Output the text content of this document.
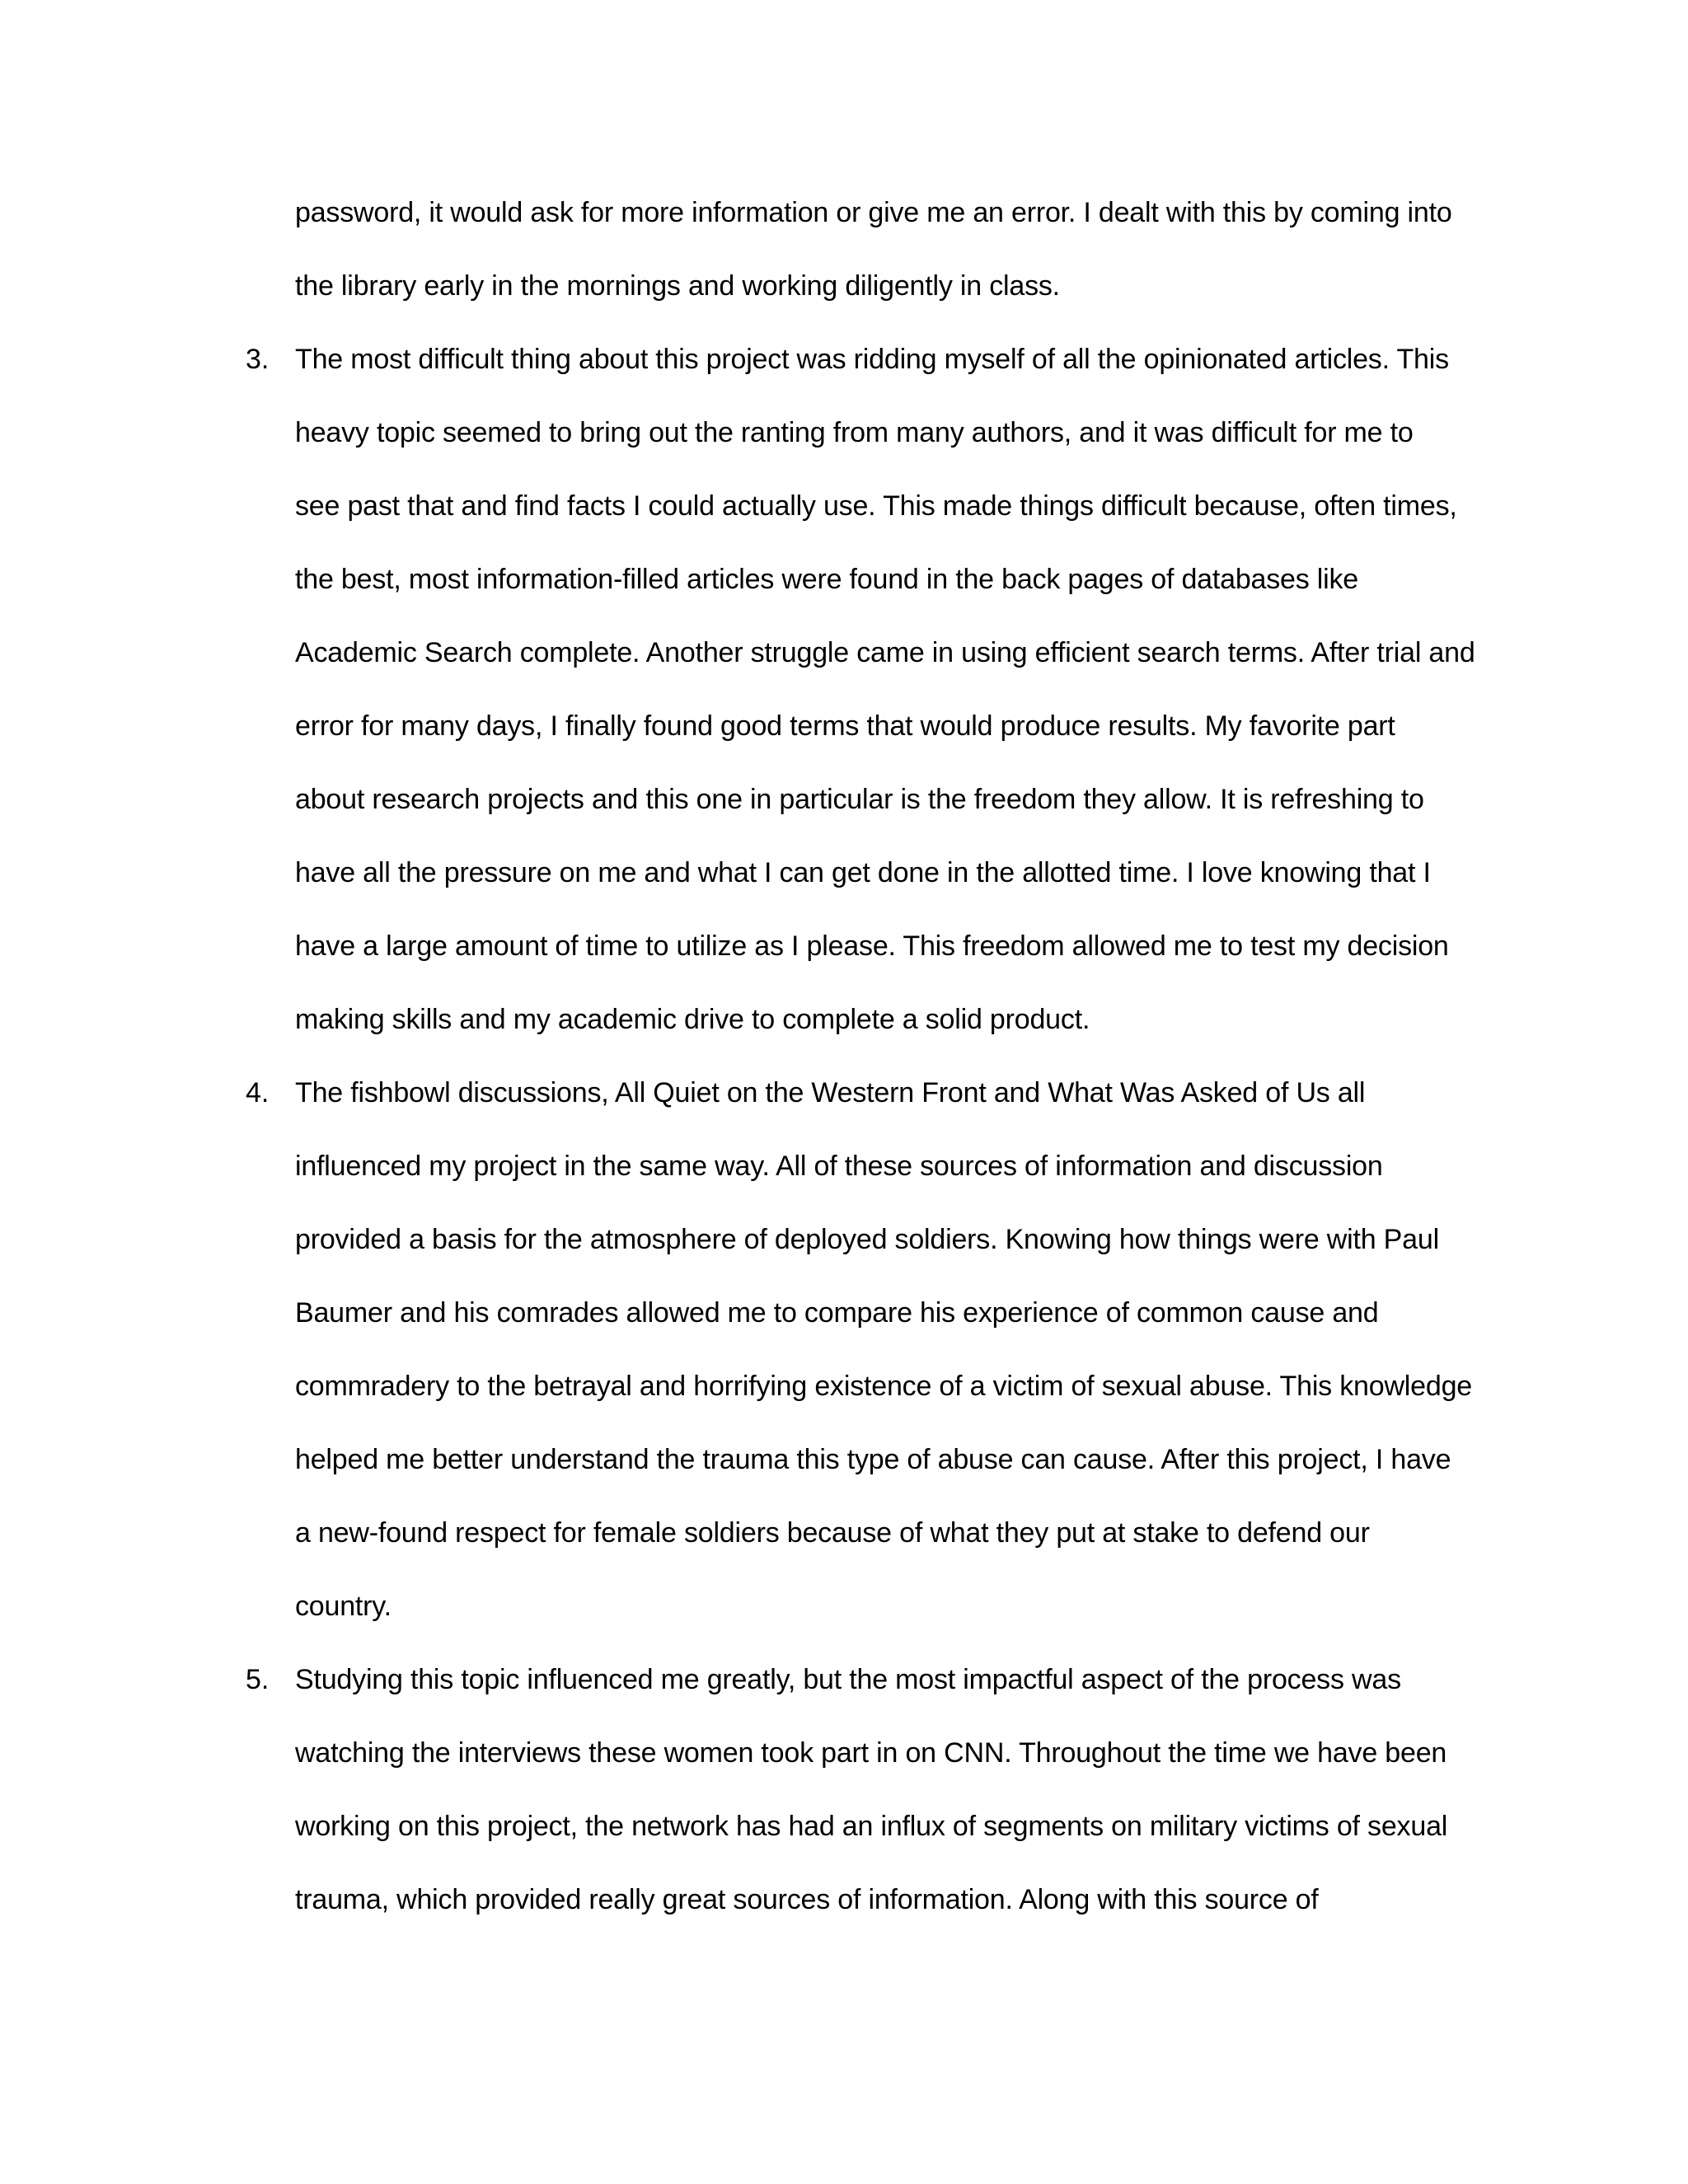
password, it would ask for more information or give me an error. I dealt with this by coming into
the library early in the mornings and working diligently in class.
3. The most difficult thing about this project was ridding myself of all the opinionated articles. This
heavy topic seemed to bring out the ranting from many authors, and it was difficult for me to
see past that and find facts I could actually use. This made things difficult because, often times,
the best, most information-filled articles were found in the back pages of databases like
Academic Search complete. Another struggle came in using efficient search terms. After trial and
error for many days, I finally found good terms that would produce results. My favorite part
about research projects and this one in particular is the freedom they allow. It is refreshing to
have all the pressure on me and what I can get done in the allotted time. I love knowing that I
have a large amount of time to utilize as I please. This freedom allowed me to test my decision
making skills and my academic drive to complete a solid product.
4. The fishbowl discussions, All Quiet on the Western Front and What Was Asked of Us all
influenced my project in the same way. All of these sources of information and discussion
provided a basis for the atmosphere of deployed soldiers. Knowing how things were with Paul
Baumer and his comrades allowed me to compare his experience of common cause and
commradery to the betrayal and horrifying existence of a victim of sexual abuse. This knowledge
helped me better understand the trauma this type of abuse can cause. After this project, I have
a new-found respect for female soldiers because of what they put at stake to defend our
country.
5. Studying this topic influenced me greatly, but the most impactful aspect of the process was
watching the interviews these women took part in on CNN. Throughout the time we have been
working on this project, the network has had an influx of segments on military victims of sexual
trauma, which provided really great sources of information. Along with this source of
